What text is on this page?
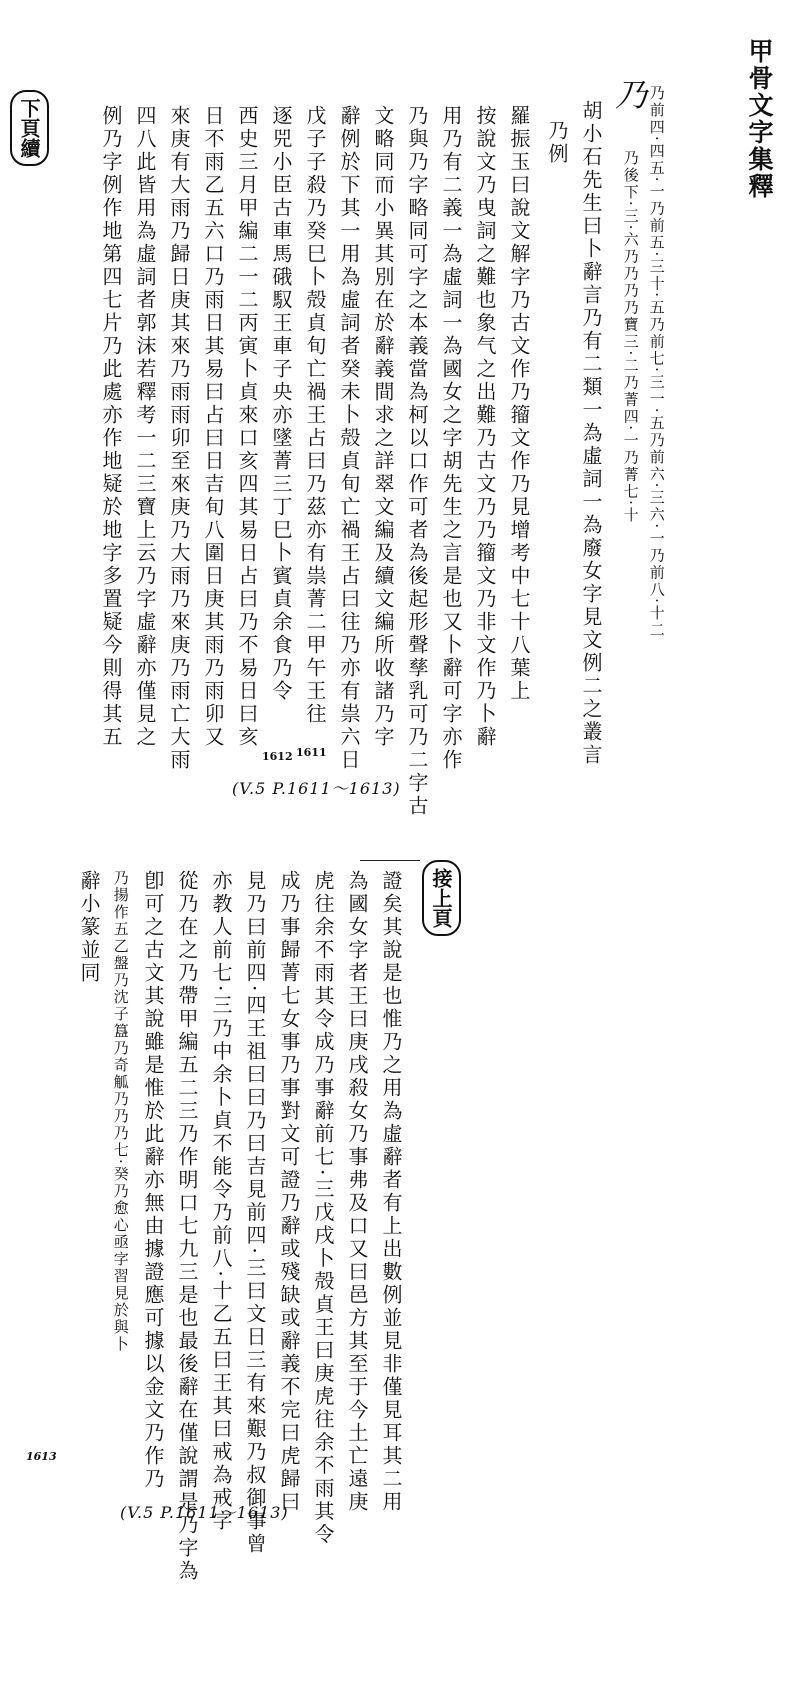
甲骨文字集釋
乃
下頁續	乃前四·四五·一乃前五·三十·五乃前七·三一·五乃前六·三六·一乃前八·十二
乃後下·三·六乃乃乃乃寶三·二乃菁四·一乃菁七·十
胡小石先生曰卜辭言乃有二類一為虛詞一為廢女字見文例二之叢言
乃例
羅振玉曰說文解字乃古文作乃籀文作乃見增考中七十八葉上
按說文乃曳詞之難也象气之出難乃古文乃乃籀文乃非文作乃卜辭
用乃有二義一為虛詞一為國女之字胡先生之言是也又卜辭可字亦作
乃與乃字略同可字之本義當為柯以口作可者為後起形聲孳乳可乃二字古
文略同而小異其別在於辭義間求之詳翠文編及續文編所收諸乃字
辭例於下其一用為虛詞者癸未卜殻貞旬亡禍王占曰往乃亦有祟六日
戊子子殺乃癸巳卜殻貞旬亡禍王占曰乃茲亦有祟菁二甲午王往
逐兕小臣古車馬硪馭王車子央亦墜菁三丁巳卜賓貞余食乃令
西史三月甲編二一二丙寅卜貞來口亥四其易日占曰乃不易日曰亥
日不雨乙五六口乃雨日其易曰占曰日吉旬八圍日庚其雨乃雨卯又
來庚有大雨乃歸日庚其來乃雨雨卯至來庚乃大雨乃來庚乃雨亡大雨
四八此皆用為虛詞者郭沫若釋考一二三寶上云乃字虛辭亦僅見之
例乃字例作地第四七片乃此處亦作地疑於地字多置疑今則得其五
1612 1611
(V.5 P.1611～1613)
接上頁
證矣其說是也惟乃之用為虛辭者有上出數例並見非僅見耳其二用
為國女字者王曰庚戌殺女乃事弗及口又曰邑方其至于今土亡遠庚
虎往余不雨其令成乃事辭前七·三戊戌卜殻貞王曰庚虎往余不雨其令
成乃事歸菁七女事乃事對文可證乃辭或殘缺或辭義不完曰虎歸曰
見乃曰前四·四王祖曰曰乃曰吉見前四·三曰文日三有來艱乃叔御事曾
亦教人前七·三乃中余卜貞不能令乃前八·十乙五曰王其曰戒為戒字
從乃在之乃帶甲編五二三乃作明口七九三是也最後辭在僅說謂是乃字為
卽可之古文其說雖是惟於此辭亦無由據證應可據以金文乃作乃
乃揚作五乙盤乃沈子簋乃奇觚乃乃乃七·癸乃愈心亟字習見於與卜
辭小篆並同
1613
(V.5 P.1611～1613)
